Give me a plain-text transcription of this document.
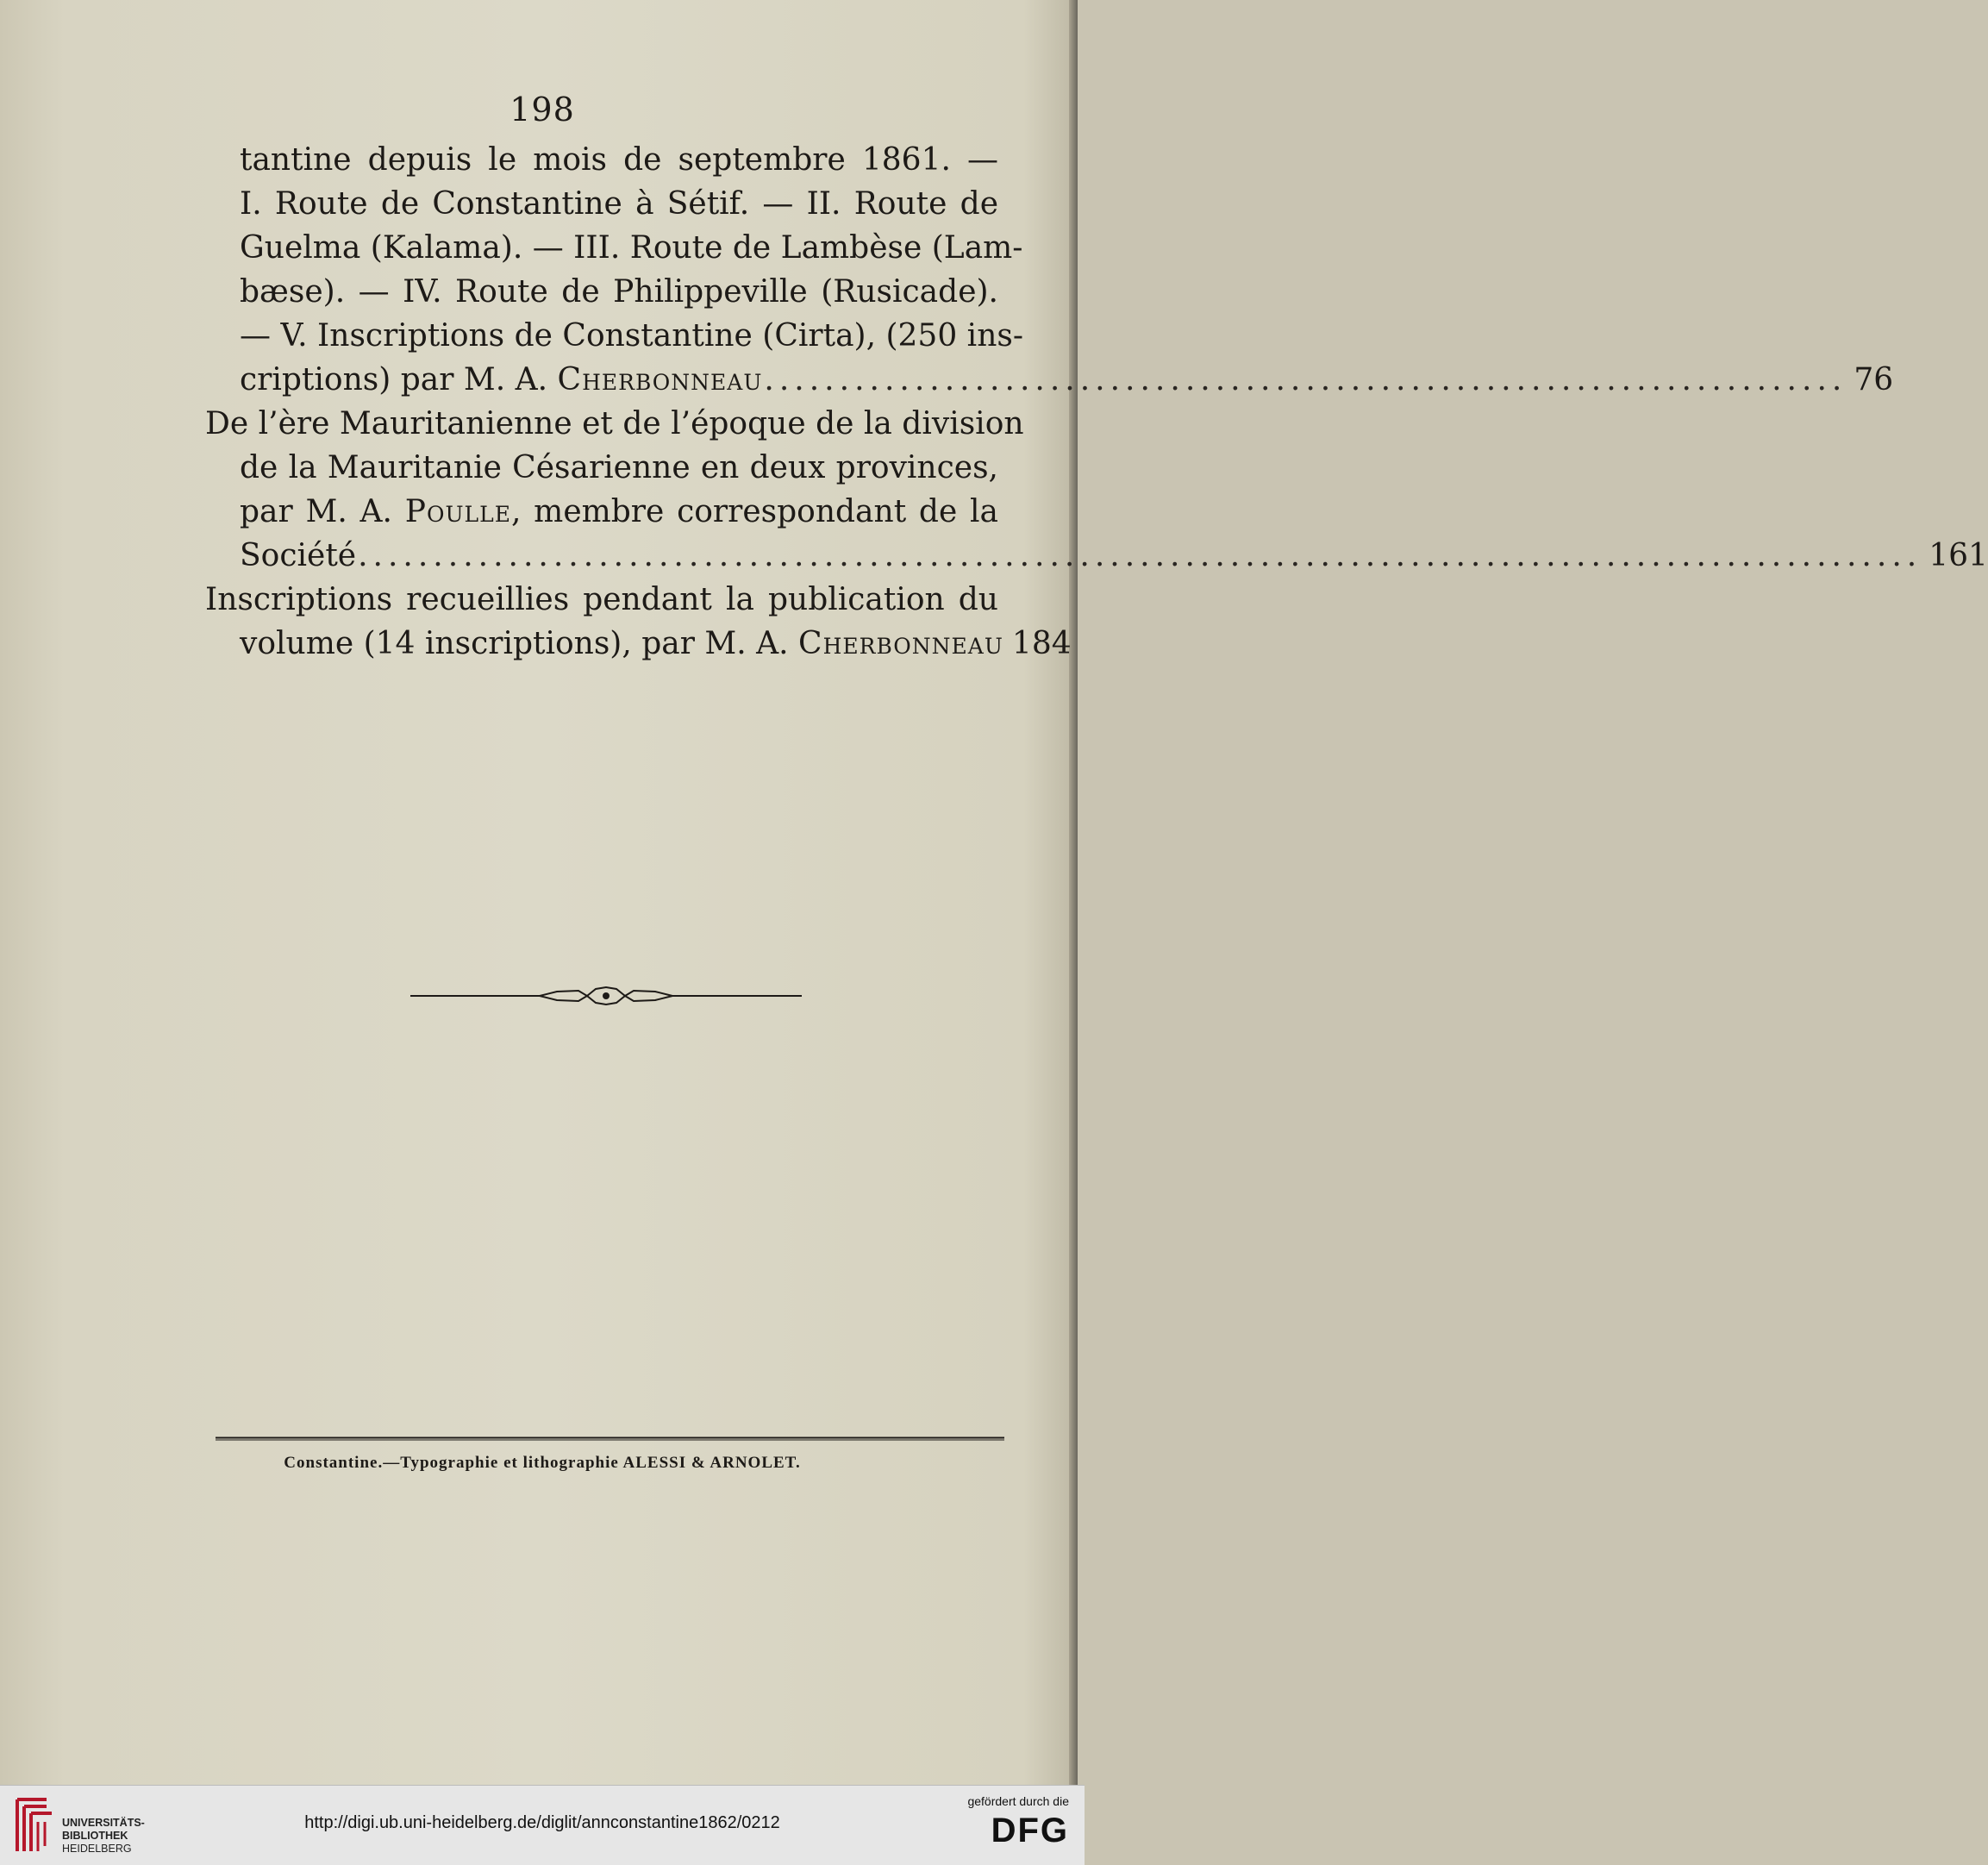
198
tantine depuis le mois de septembre 1861. —
I. Route de Constantine à Sétif. — II. Route de
Guelma (Kalama). — III. Route de Lambèse (Lam-
bæse). — IV. Route de Philippeville (Rusicade).
— V. Inscriptions de Constantine (Cirta), (250 ins-
criptions) par M. A. Cherbonneau ........................................................................ 76
De l’ère Mauritanienne et de l’époque de la division
de la Mauritanie Césarienne en deux provinces,
par M. A. Poulle, membre correspondant de la
Société ........................................................................................................ 161
Inscriptions recueillies pendant la publication du
volume (14 inscriptions), par M. A. Cherbonneau 184
Constantine.—Typographie et lithographie ALESSI & ARNOLET.
UNIVERSITÄTS-
BIBLIOTHEK
HEIDELBERG
http://digi.ub.uni-heidelberg.de/diglit/annconstantine1862/0212
gefördert durch die
DFG
